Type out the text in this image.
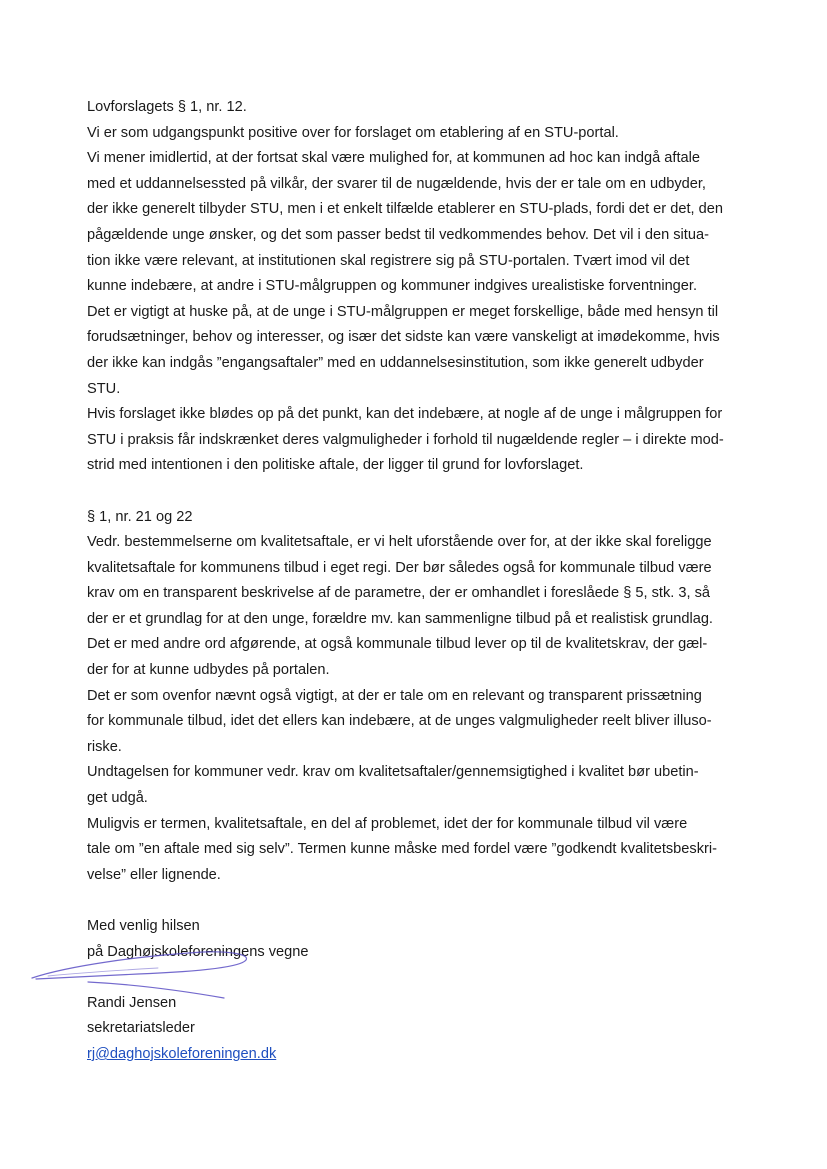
Lovforslagets § 1, nr. 12.
Vi er som udgangspunkt positive over for forslaget om etablering af en STU-portal.
Vi mener imidlertid, at der fortsat skal være mulighed for, at kommunen ad hoc kan indgå aftale
med et uddannelsessted på vilkår, der svarer til de nugældende, hvis der er tale om en udbyder,
der ikke generelt tilbyder STU, men i et enkelt tilfælde etablerer en STU-plads, fordi det er det, den
pågældende unge ønsker, og det som passer bedst til vedkommendes behov. Det vil i den situa-
tion ikke være relevant, at institutionen skal registrere sig på STU-portalen. Tvært imod vil det
kunne indebære, at andre i STU-målgruppen og kommuner indgives urealistiske forventninger.
Det er vigtigt at huske på, at de unge i STU-målgruppen er meget forskellige, både med hensyn til
forudsætninger, behov og interesser, og især det sidste kan være vanskeligt at imødekomme, hvis
der ikke kan indgås ”engangsaftaler” med en uddannelsesinstitution, som ikke generelt udbyder
STU.
Hvis forslaget ikke blødes op på det punkt, kan det indebære, at nogle af de unge i målgruppen for
STU i praksis får indskrænket deres valgmuligheder i forhold til nugældende regler – i direkte mod-
strid med intentionen i den politiske aftale, der ligger til grund for lovforslaget.
§ 1, nr. 21 og 22
Vedr. bestemmelserne om kvalitetsaftale, er vi helt uforstående over for, at der ikke skal foreligge
kvalitetsaftale for kommunens tilbud i eget regi. Der bør således også for kommunale tilbud være
krav om en transparent beskrivelse af de parametre, der er omhandlet i foreslåede § 5, stk. 3, så
der er et grundlag for at den unge, forældre mv. kan sammenligne tilbud på et realistisk grundlag.
Det er med andre ord afgørende, at også kommunale tilbud lever op til de kvalitetskrav, der gæl-
der for at kunne udbydes på portalen.
Det er som ovenfor nævnt også vigtigt, at der er tale om en relevant og transparent prissætning
for kommunale tilbud, idet det ellers kan indebære, at de unges valgmuligheder reelt bliver illuso-
riske.
Undtagelsen for kommuner vedr. krav om kvalitetsaftaler/gennemsigtighed i kvalitet bør ubetin-
get udgå.
Muligvis er termen, kvalitetsaftale, en del af problemet, idet der for kommunale tilbud vil være
tale om ”en aftale med sig selv”. Termen kunne måske med fordel være ”godkendt kvalitetsbeskri-
velse” eller lignende.
Med venlig hilsen
på Daghøjskoleforeningens vegne
Randi Jensen
sekretariatsleder
rj@daghojskoleforeningen.dk
